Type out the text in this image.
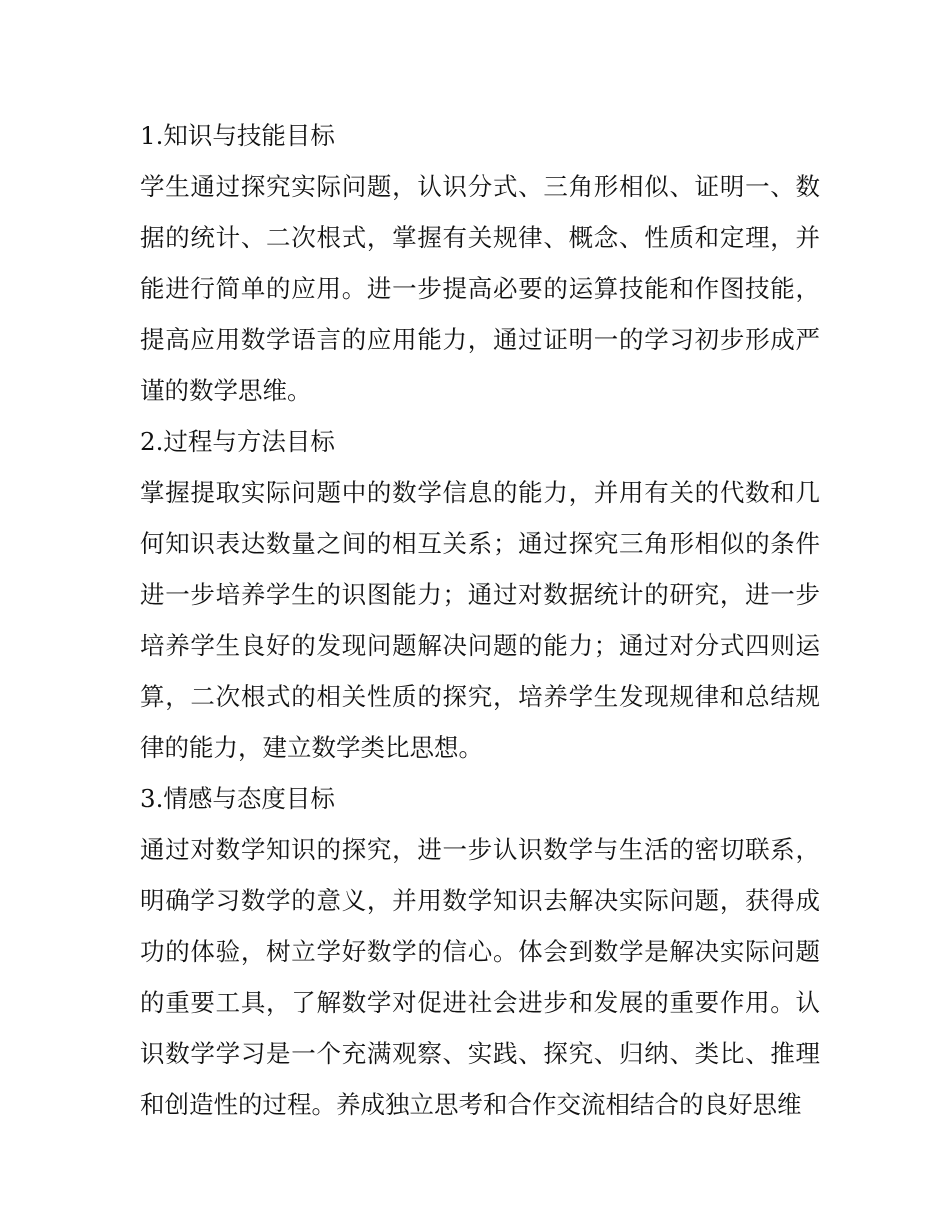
1.知识与技能目标

学生通过探究实际问题，认识分式、三角形相似、证明一、数据的统计、二次根式，掌握有关规律、概念、性质和定理，并能进行简单的应用。进一步提高必要的运算技能和作图技能，提高应用数学语言的应用能力，通过证明一的学习初步形成严谨的数学思维。

2.过程与方法目标

掌握提取实际问题中的数学信息的能力，并用有关的代数和几何知识表达数量之间的相互关系；通过探究三角形相似的条件进一步培养学生的识图能力；通过对数据统计的研究，进一步培养学生良好的发现问题解决问题的能力；通过对分式四则运算，二次根式的相关性质的探究，培养学生发现规律和总结规律的能力，建立数学类比思想。

3.情感与态度目标

通过对数学知识的探究，进一步认识数学与生活的密切联系，明确学习数学的意义，并用数学知识去解决实际问题，获得成功的体验，树立学好数学的信心。体会到数学是解决实际问题的重要工具，了解数学对促进社会进步和发展的重要作用。认识数学学习是一个充满观察、实践、探究、归纳、类比、推理和创造性的过程。养成独立思考和合作交流相结合的良好思维
